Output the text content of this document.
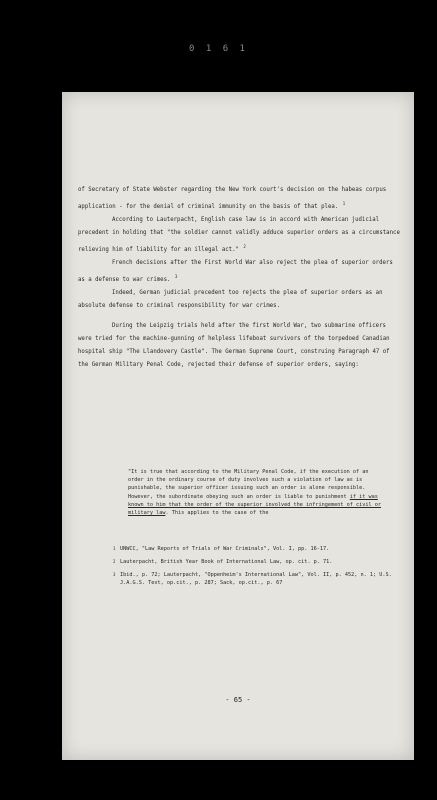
0 1 6 1

of Secretary of State Webster regarding the New York court's decision on the habeas corpus application - for the denial of criminal immunity on the basis of that plea. $^1$

According to Lauterpacht, English case law is in accord with American judicial precedent in holding that "the soldier cannot validly adduce superior orders as a circumstance relieving him of liability for an illegal act." $^2$

French decisions after the First World War also reject the plea of superior orders as a defense to war crimes. $^3$

Indeed, German judicial precedent too rejects the plea of superior orders as an absolute defense to criminal responsibility for war crimes.

During the Leipzig trials held after the first World War, two submarine officers were tried for the machine-gunning of helpless lifeboat survivors of the torpedoed Canadian hospital ship "The Llandovery Castle". The German Supreme Court, construing Paragraph 47 of the German Military Penal Code, rejected their defense of superior orders, saying:

"It is true that according to the Military Penal Code, if the execution of an order in the ordinary course of duty involves such a violation of law as is punishable, the superior officer issuing such an order is alone responsible. However, the subordinate obeying such an order is liable to punishment if it was known to him that the order of the superior involved the infringement of civil or military law. This applies to the case of the

1 UNWCC, "Law Reports of Trials of War Criminals", Vol. I, pp. 16-17.
2 Lauterpacht, British Year Book of International Law, op. cit. p. 71.
3 Ibid., p. 72; Lauterpacht, "Oppenheim's International Law", Vol. II, p. 452, n. 1; U.S. J.A.G.S. Text, op.cit., p. 287; Sack, op.cit., p. 67
- 65 -
